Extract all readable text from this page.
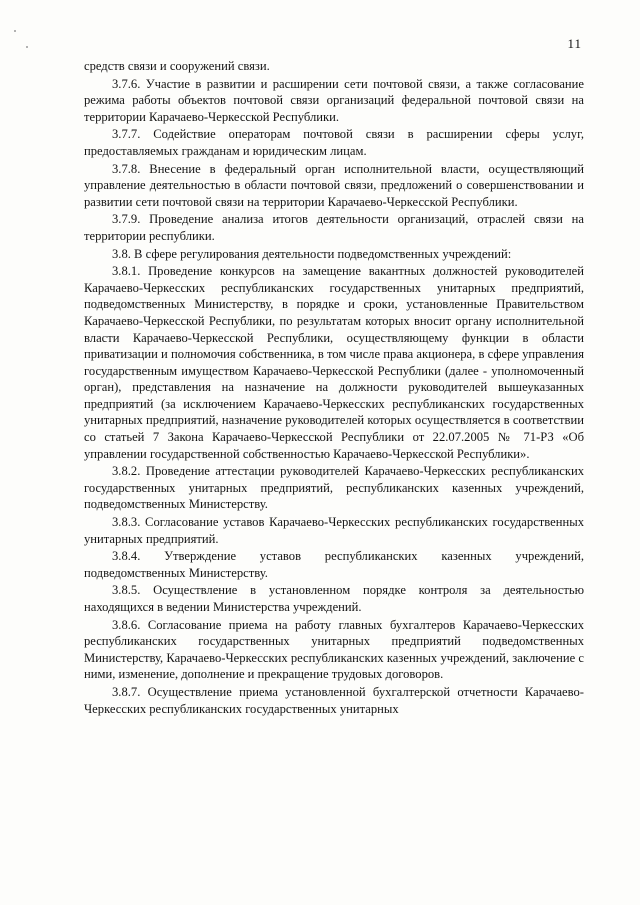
11

средств связи и сооружений связи.

3.7.6. Участие в развитии и расширении сети почтовой связи, а также согласование режима работы объектов почтовой связи организаций федеральной почтовой связи на территории Карачаево-Черкесской Республики.

3.7.7. Содействие операторам почтовой связи в расширении сферы услуг, предоставляемых гражданам и юридическим лицам.

3.7.8. Внесение в федеральный орган исполнительной власти, осуществляющий управление деятельностью в области почтовой связи, предложений о совершенствовании и развитии сети почтовой связи на территории Карачаево-Черкесской Республики.

3.7.9. Проведение анализа итогов деятельности организаций, отраслей связи на территории республики.

3.8. В сфере регулирования деятельности подведомственных учреждений:

3.8.1. Проведение конкурсов на замещение вакантных должностей руководителей Карачаево-Черкесских республиканских государственных унитарных предприятий, подведомственных Министерству, в порядке и сроки, установленные Правительством Карачаево-Черкесской Республики, по результатам которых вносит органу исполнительной власти Карачаево-Черкесской Республики, осуществляющему функции в области приватизации и полномочия собственника, в том числе права акционера, в сфере управления государственным имуществом Карачаево-Черкесской Республики (далее - уполномоченный орган), представления на назначение на должности руководителей вышеуказанных предприятий (за исключением Карачаево-Черкесских республиканских государственных унитарных предприятий, назначение руководителей которых осуществляется в соответствии со статьей 7 Закона Карачаево-Черкесской Республики от 22.07.2005 № 71-РЗ «Об управлении государственной собственностью Карачаево-Черкесской Республики».

3.8.2. Проведение аттестации руководителей Карачаево-Черкесских республиканских государственных унитарных предприятий, республиканских казенных учреждений, подведомственных Министерству.

3.8.3. Согласование уставов Карачаево-Черкесских республиканских государственных унитарных предприятий.

3.8.4. Утверждение уставов республиканских казенных учреждений, подведомственных Министерству.

3.8.5. Осуществление в установленном порядке контроля за деятельностью находящихся в ведении Министерства учреждений.

3.8.6. Согласование приема на работу главных бухгалтеров Карачаево-Черкесских республиканских государственных унитарных предприятий подведомственных Министерству, Карачаево-Черкесских республиканских казенных учреждений, заключение с ними, изменение, дополнение и прекращение трудовых договоров.

3.8.7. Осуществление приема установленной бухгалтерской отчетности Карачаево-Черкесских республиканских государственных унитарных
